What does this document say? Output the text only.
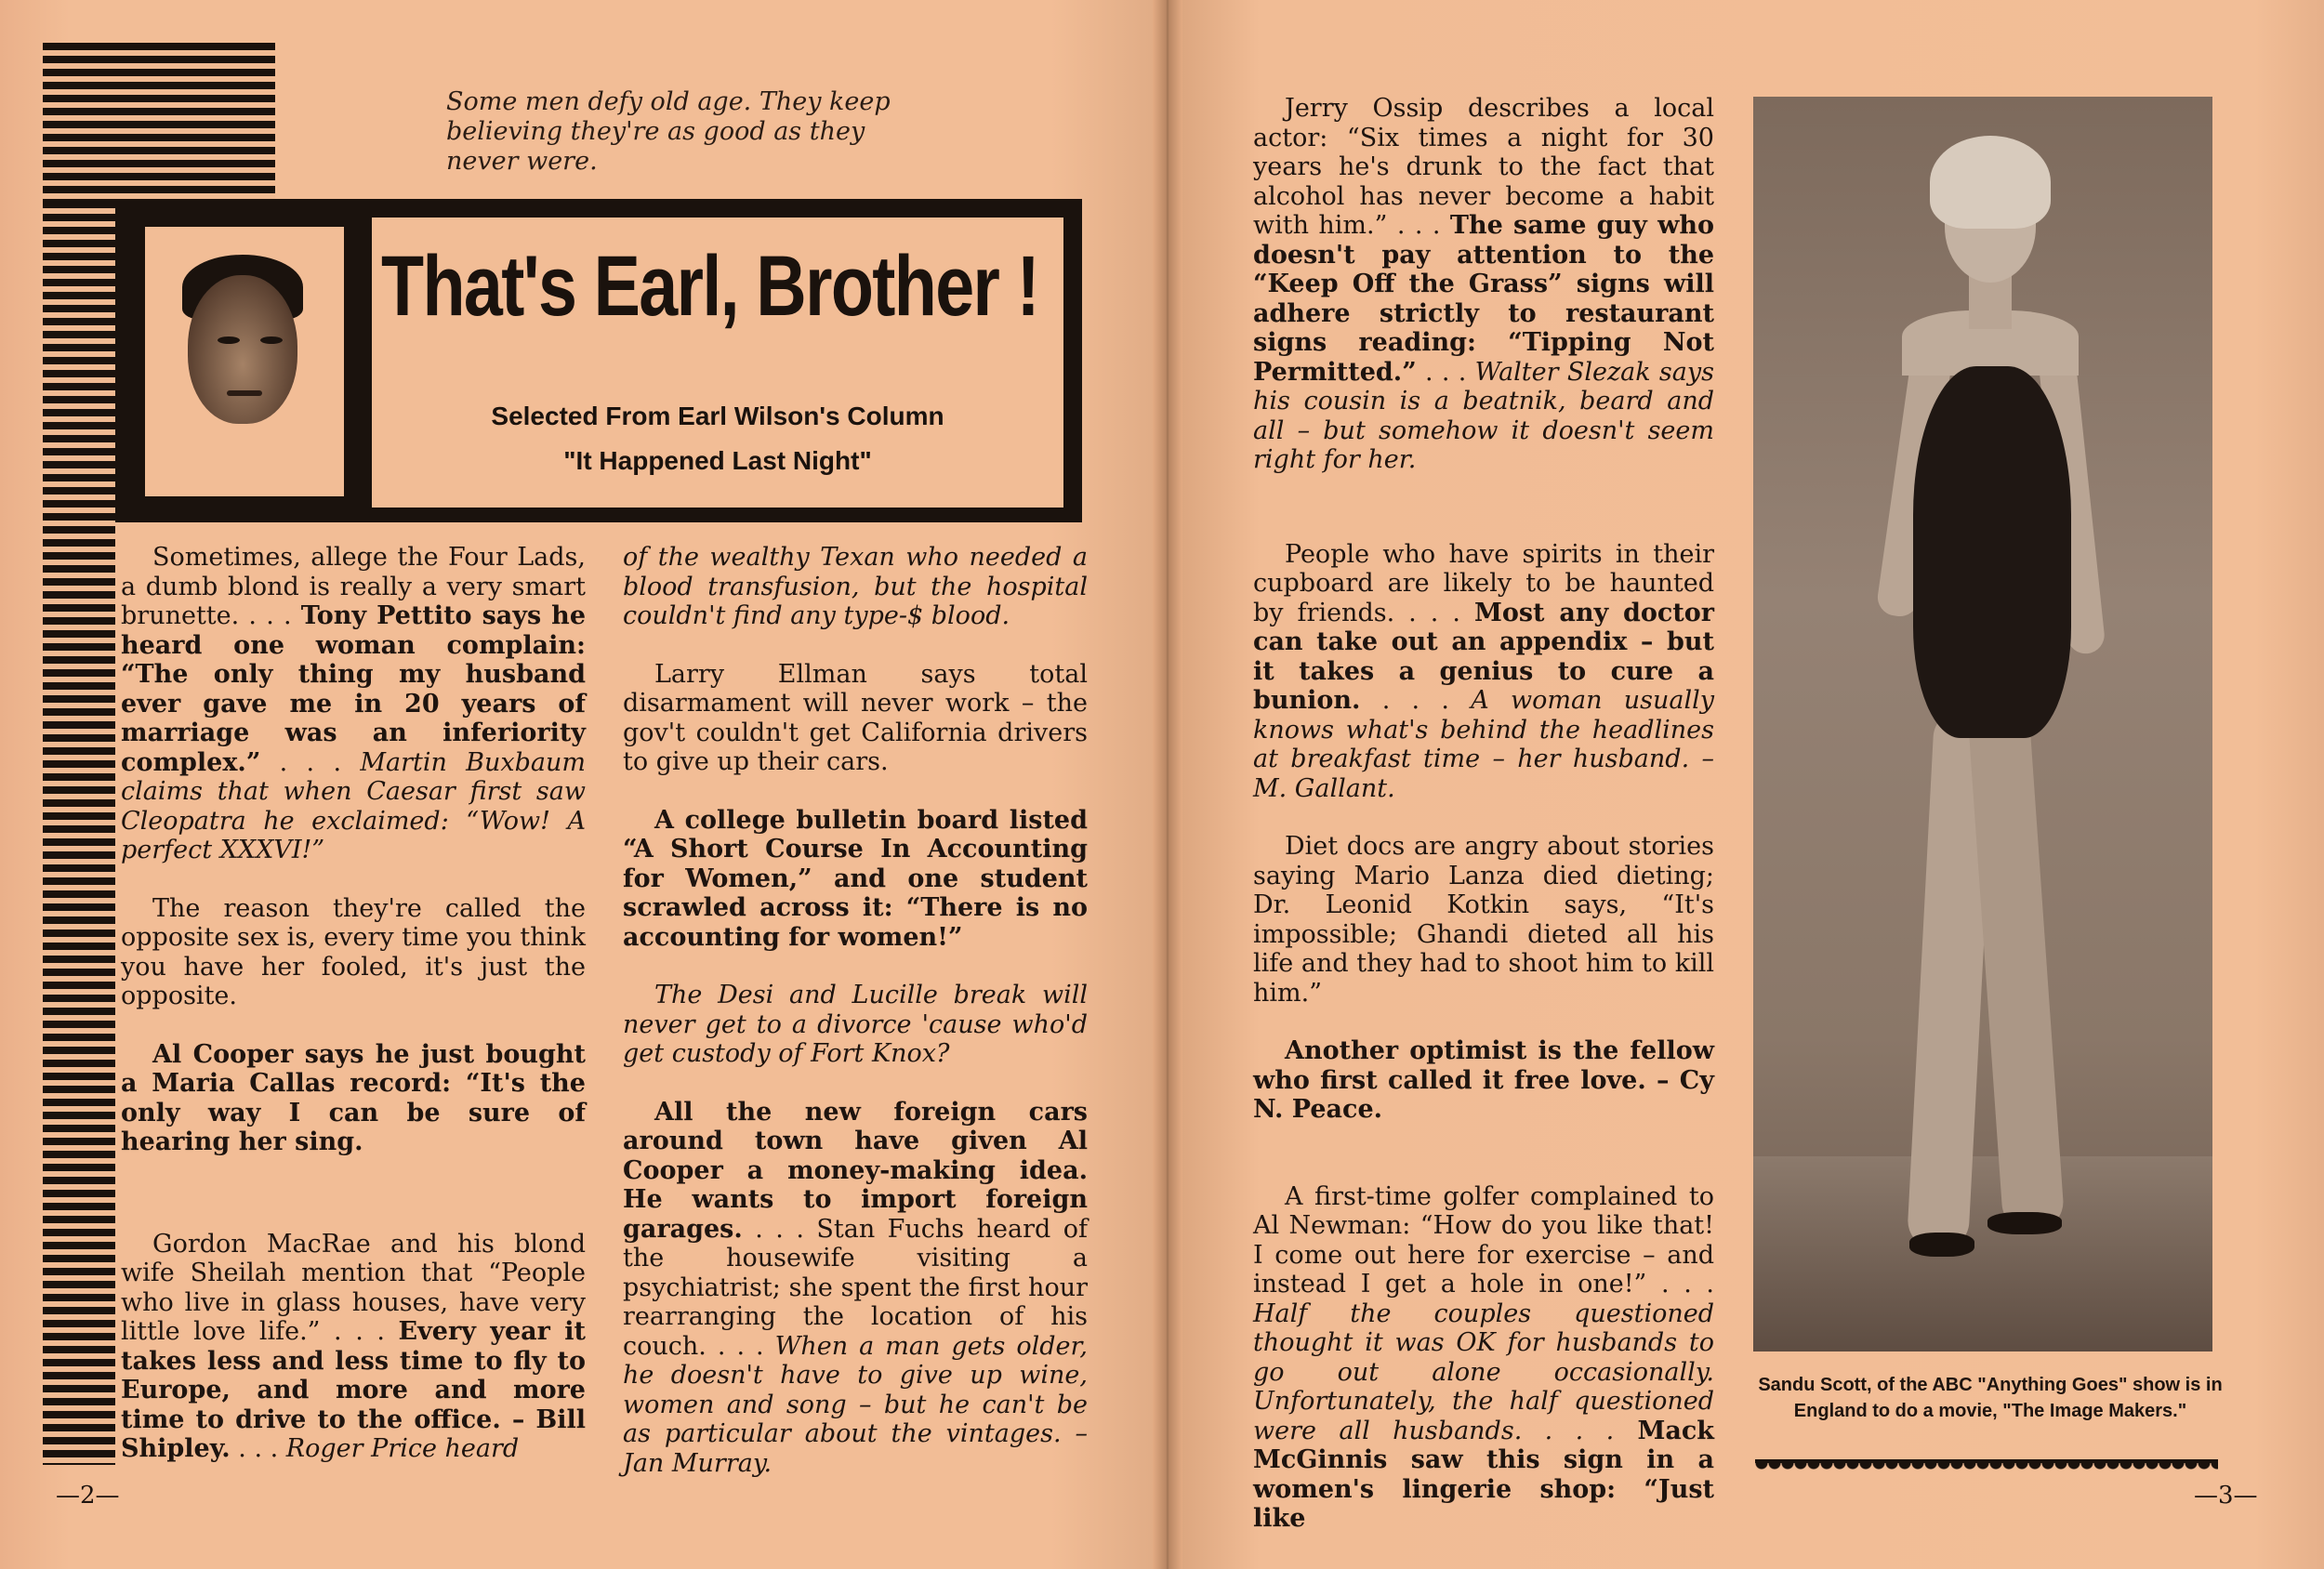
Some men defy old age. They keep believing they're as good as they never were.
That's Earl, Brother !
Selected From Earl Wilson's Column
"It Happened Last Night"

Sometimes, allege the Four Lads, a dumb blond is really a very smart brunette. . . . Tony Pettito says he heard one woman complain: “The only thing my husband ever gave me in 20 years of marriage was an inferiority complex.” . . . Martin Buxbaum claims that when Caesar first saw Cleopatra he exclaimed: “Wow! A perfect XXXVI!”

The reason they're called the opposite sex is, every time you think you have her fooled, it's just the opposite.

Al Cooper says he just bought a Maria Callas record: “It's the only way I can be sure of hearing her sing.

Gordon MacRae and his blond wife Sheilah mention that “People who live in glass houses, have very little love life.” . . . Every year it takes less and less time to fly to Europe, and more and more time to drive to the office. – Bill Shipley. . . . Roger Price heard

of the wealthy Texan who needed a blood transfusion, but the hospital couldn't find any type-$ blood.

Larry Ellman says total disarmament will never work – the gov't couldn't get California drivers to give up their cars.

A college bulletin board listed “A Short Course In Accounting for Women,” and one student scrawled across it: “There is no accounting for women!”

The Desi and Lucille break will never get to a divorce 'cause who'd get custody of Fort Knox?

All the new foreign cars around town have given Al Cooper a money-making idea. He wants to import foreign garages. . . . Stan Fuchs heard of the housewife visiting a psychiatrist; she spent the first hour rearranging the location of his couch. . . . When a man gets older, he doesn't have to give up wine, women and song – but he can't be as particular about the vintages. – Jan Murray.

—2—	—3—

Jerry Ossip describes a local actor: “Six times a night for 30 years he's drunk to the fact that alcohol has never become a habit with him.” . . . The same guy who doesn't pay attention to the “Keep Off the Grass” signs will adhere strictly to restaurant signs reading: “Tipping Not Permitted.” . . . Walter Slezak says his cousin is a beatnik, beard and all – but somehow it doesn't seem right for her.

People who have spirits in their cupboard are likely to be haunted by friends. . . . Most any doctor can take out an appendix – but it takes a genius to cure a bunion. . . . A woman usually knows what's behind the headlines at breakfast time – her husband. – M. Gallant.

Diet docs are angry about stories saying Mario Lanza died dieting; Dr. Leonid Kotkin says, “It's impossible; Ghandi dieted all his life and they had to shoot him to kill him.”

Another optimist is the fellow who first called it free love. – Cy N. Peace.

A first-time golfer complained to Al Newman: “How do you like that! I come out here for exercise – and instead I get a hole in one!” . . . Half the couples questioned thought it was OK for husbands to go out alone occasionally. Unfortunately, the half questioned were all husbands. . . . Mack McGinnis saw this sign in a women's lingerie shop: “Just like

Sandu Scott, of the ABC "Anything Goes" show is in England to do a movie, "The Image Makers."
